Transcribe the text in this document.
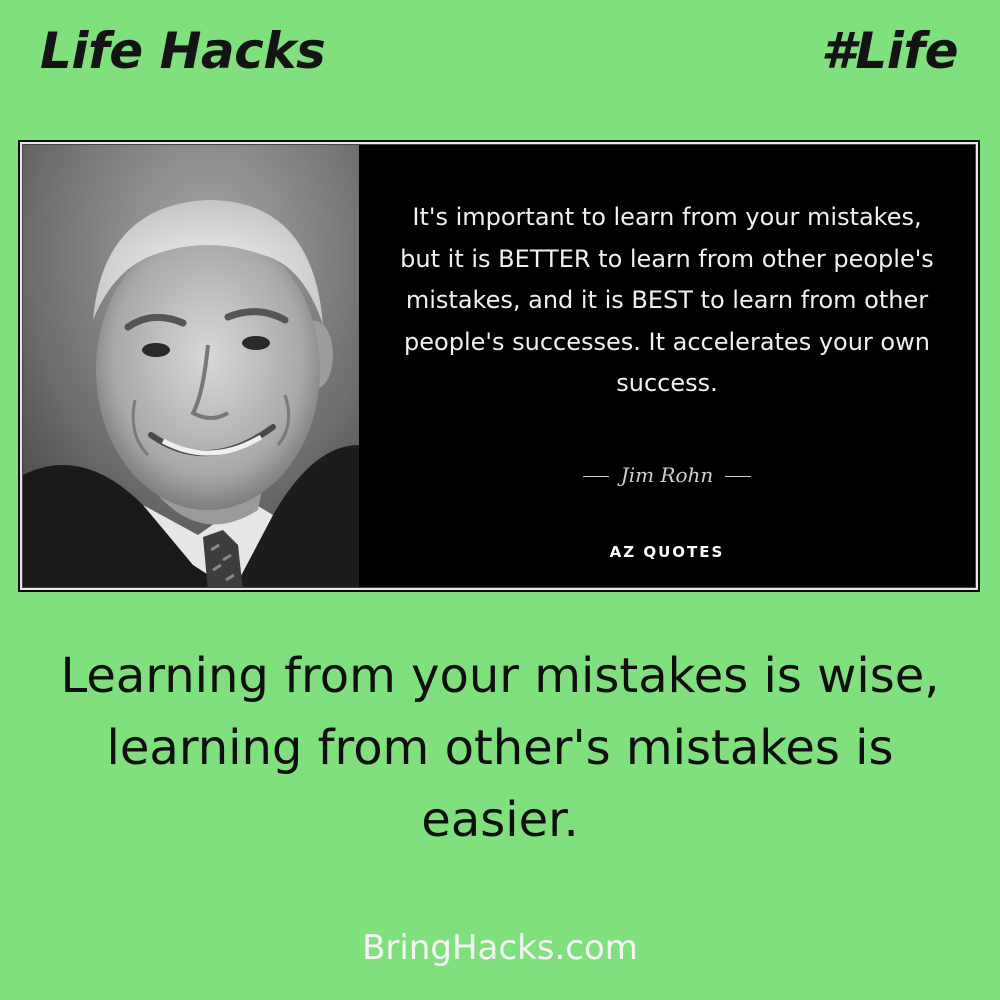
Life Hacks	#Life
It's important to learn from your mistakes, but it is BETTER to learn from other people's mistakes, and it is BEST to learn from other people's successes. It accelerates your own success.
Jim Rohn
AZ QUOTES
Learning from your mistakes is wise, learning from other's mistakes is easier.
BringHacks.com
